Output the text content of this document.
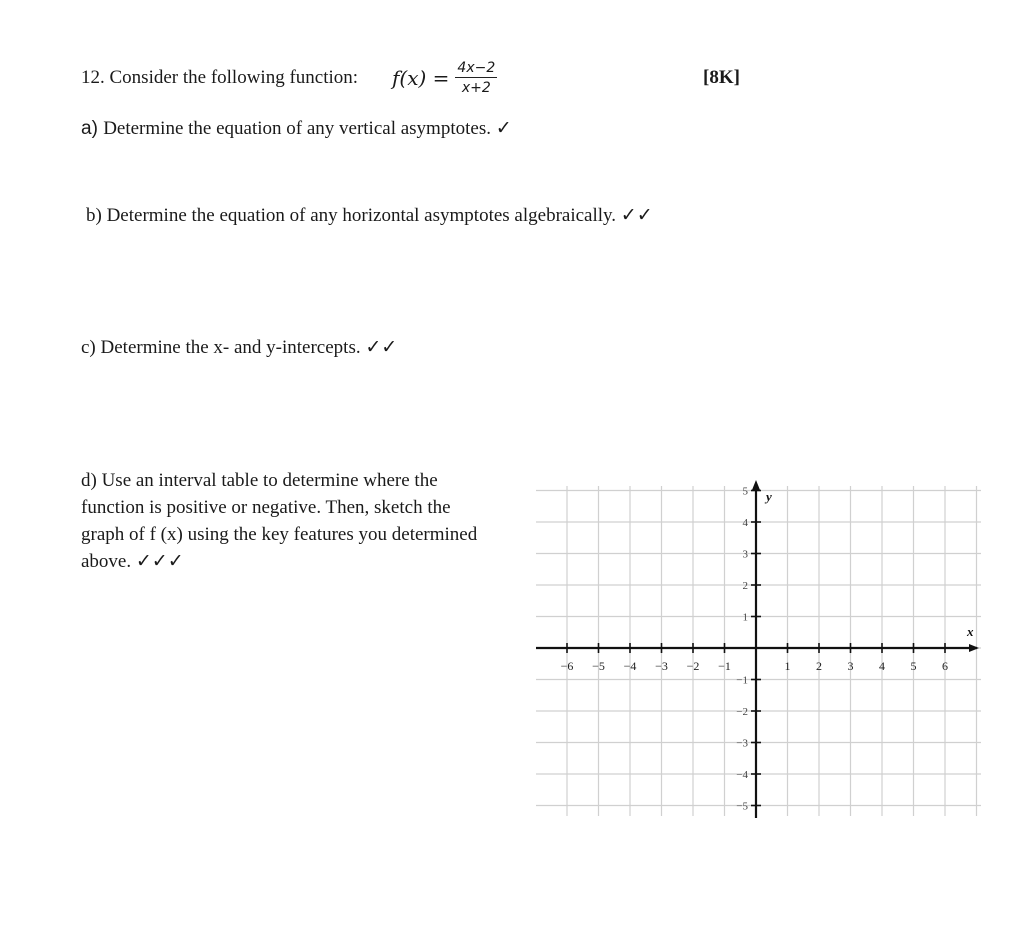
12. Consider the following function: $f(x) = \frac{4x-2}{x+2}$	[8K]
a) Determine the equation of any vertical asymptotes. ✓
b) Determine the equation of any horizontal asymptotes algebraically. ✓✓
c) Determine the x- and y-intercepts. ✓✓
d) Use an interval table to determine where the
function is positive or negative. Then, sketch the
graph of f (x) using the key features you determined
above. ✓✓✓
−6 −5 −4 −3 −2 −1	1 2 3 4 5 6
5
4
3
2
1
−1
−2
−3
−4
−5
x
y
